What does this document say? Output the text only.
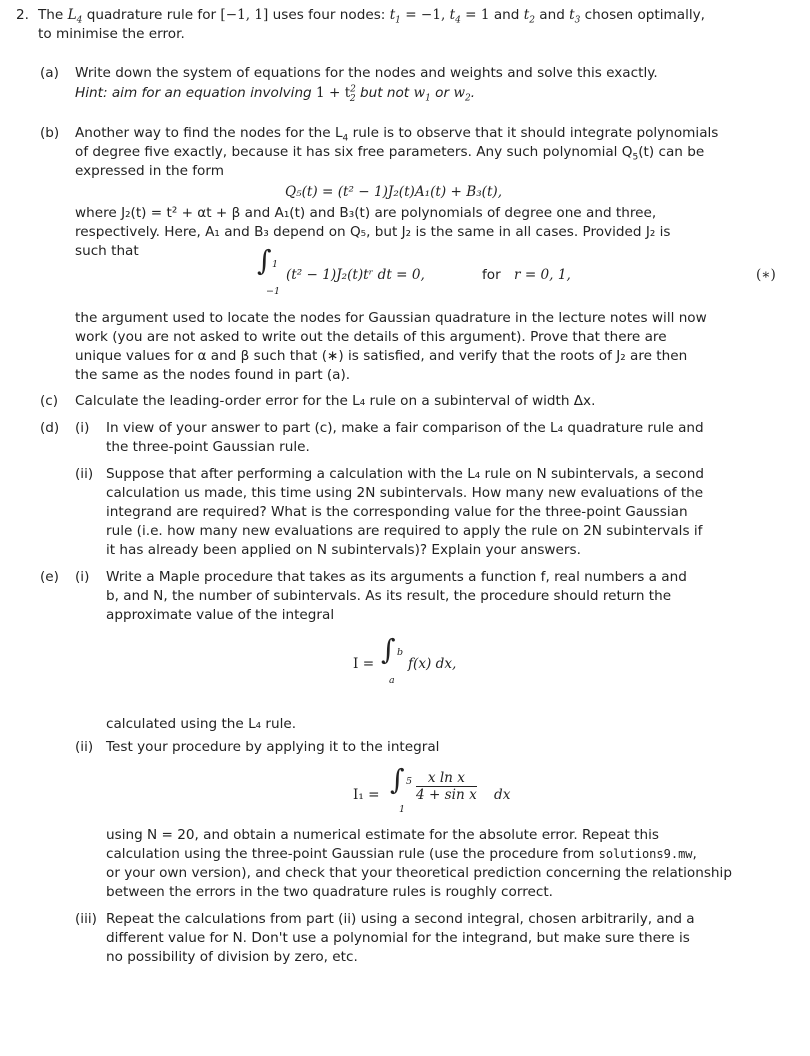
2. The $L_4$ quadrature rule for [−1, 1] uses four nodes: $t_1 = -1$, $t_4 = 1$ and $t_2$ and $t_3$ chosen optimally,
to minimise the error.
(a) Write down the system of equations for the nodes and weights and solve this exactly.
Hint: aim for an equation involving $1 + t^2_2$ but not $w_1$ or $w_2$.
(b) Another way to find the nodes for the $L_4$ rule is to observe that it should integrate polynomials
of degree five exactly, because it has six free parameters. Any such polynomial $Q_5(t)$ can be
expressed in the form
Q₅(t) = (t² − 1)J₂(t)A₁(t) + B₃(t),
where J₂(t) = t² + αt + β and A₁(t) and B₃(t) are polynomials of degree one and three,
respectively. Here, A₁ and B₃ depend on Q₅, but J₂ is the same in all cases. Provided J₂ is
such that	∫ 1
−1
(t² − 1)J₂(t)tʳ dt = 0,	for r = 0, 1,	(∗)
the argument used to locate the nodes for Gaussian quadrature in the lecture notes will now
work (you are not asked to write out the details of this argument). Prove that there are
unique values for α and β such that (∗) is satisfied, and verify that the roots of J₂ are then
the same as the nodes found in part (a).
(c) Calculate the leading-order error for the L₄ rule on a subinterval of width Δx.
(d) (i) In view of your answer to part (c), make a fair comparison of the L₄ quadrature rule and
the three-point Gaussian rule.
(ii) Suppose that after performing a calculation with the L₄ rule on N subintervals, a second
calculation us made, this time using 2N subintervals. How many new evaluations of the
integrand are required? What is the corresponding value for the three-point Gaussian
rule (i.e. how many new evaluations are required to apply the rule on 2N subintervals if
it has already been applied on N subintervals)? Explain your answers.
(e) (i) Write a Maple procedure that takes as its arguments a function f, real numbers a and
b, and N, the number of subintervals. As its result, the procedure should return the
approximate value of the integral
I = ∫ b
a
f(x) dx,
calculated using the L₄ rule.
(ii) Test your procedure by applying it to the integral
I₁ = ∫ 5
1
$\frac{\text{x ln x}}{\text{4 + sin x}}$ dx
using N = 20, and obtain a numerical estimate for the absolute error. Repeat this
calculation using the three-point Gaussian rule (use the procedure from solutions9.mw,
or your own version), and check that your theoretical prediction concerning the relationship
between the errors in the two quadrature rules is roughly correct.
(iii) Repeat the calculations from part (ii) using a second integral, chosen arbitrarily, and a
different value for N. Don't use a polynomial for the integrand, but make sure there is
no possibility of division by zero, etc.
